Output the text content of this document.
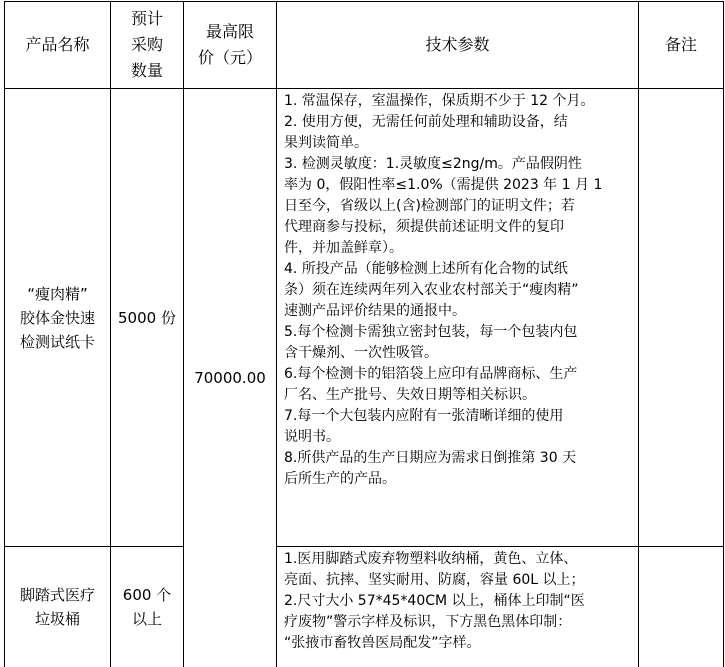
产品名称
预计
采购
数量
最高限
价（元）
技术参数	备注
“瘦肉精”
胶体金快速
检测试纸卡
5000 份
70000.00

1. 常温保存，室温操作，保质期不少于 12 个月。

2. 使用方便，无需任何前处理和辅助设备，结
果判读简单。

3. 检测灵敏度：1.灵敏度≤2ng/m。产品假阴性
率为 0，假阳性率≤1.0%（需提供 2023 年 1 月 1
日至今，省级以上(含)检测部门的证明文件；若
代理商参与投标，须提供前述证明文件的复印
件，并加盖鲜章）。

4. 所投产品（能够检测上述所有化合物的试纸
条）须在连续两年列入农业农村部关于“瘦肉精”
速测产品评价结果的通报中。

5.每个检测卡需独立密封包装，每一个包装内包
含干燥剂、一次性吸管。

6.每个检测卡的铝箔袋上应印有品牌商标、生产
厂名、生产批号、失效日期等相关标识。

7.每一个大包装内应附有一张清晰详细的使用
说明书。

8.所供产品的生产日期应为需求日倒推第 30 天
后所生产的产品。

脚踏式医疗
垃圾桶
600 个
以上

1.医用脚踏式废弃物塑料收纳桶，黄色、立体、
亮面、抗摔、坚实耐用、防腐，容量 60L 以上；

2.尺寸大小 57*45*40CM 以上，桶体上印制“医
疗废物”警示字样及标识，下方黑色黑体印制：
“张掖市畜牧兽医局配发”字样。
